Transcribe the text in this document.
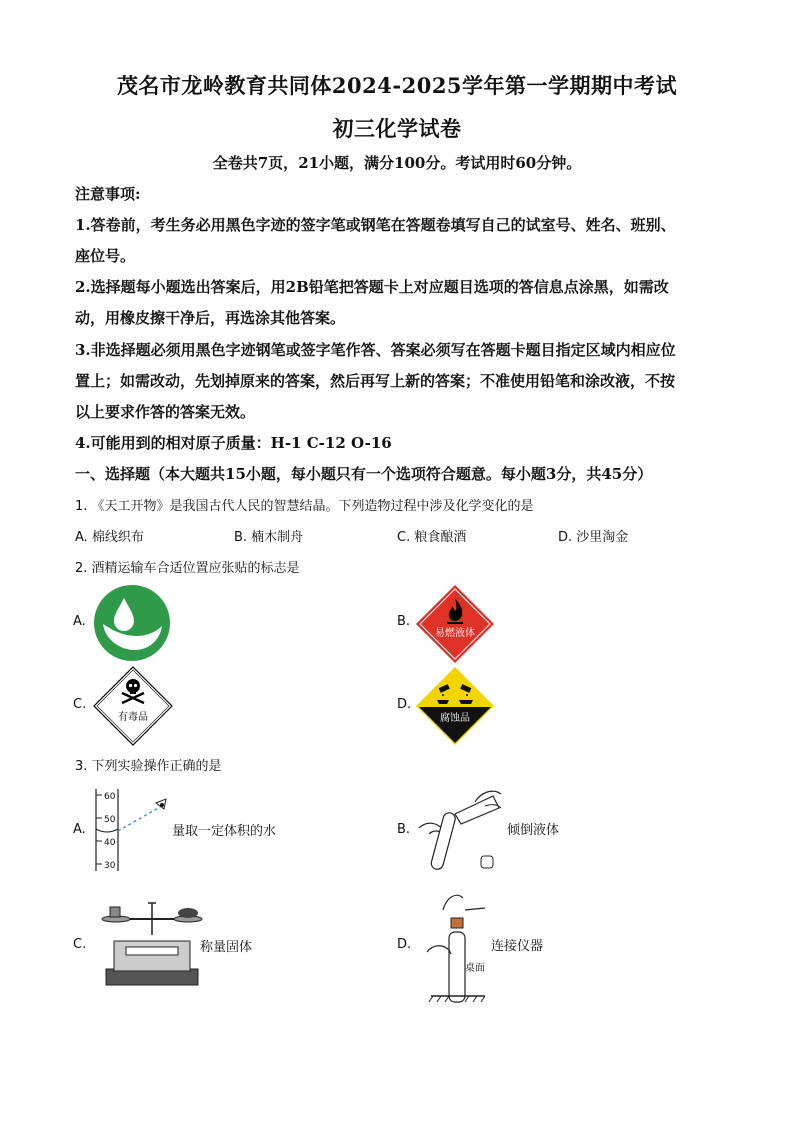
茂名市龙岭教育共同体2024-2025学年第一学期期中考试
初三化学试卷
全卷共7页，21小题，满分100分。考试用时60分钟。
注意事项:
1.答卷前，考生务必用黑色字迹的签字笔或钢笔在答题卷填写自己的试室号、姓名、班别、
座位号。
2.选择题每小题选出答案后，用2B铅笔把答题卡上对应题目选项的答信息点涂黑，如需改
动，用橡皮擦干净后，再选涂其他答案。
3.非选择题必须用黑色字迹钢笔或签字笔作答、答案必须写在答题卡题目指定区域内相应位
置上；如需改动，先划掉原来的答案，然后再写上新的答案；不准使用铅笔和涂改液，不按
以上要求作答的答案无效。
4.可能用到的相对原子质量：H-1 C-12 O-16
一、选择题（本大题共15小题，每小题只有一个选项符合题意。每小题3分，共45分）
1. 《天工开物》是我国古代人民的智慧结晶。下列造物过程中涉及化学变化的是
A. 棉线织布	B. 楠木制舟	C. 粮食酿酒	D. 沙里淘金
2. 酒精运输车合适位置应张贴的标志是
A.	B.
C.	D.
易燃液体
有毒品	腐蚀品
3. 下列实验操作正确的是
A.	B.
C.	D.
60
50
40
30
量取一定体积的水	倾倒液体
称量固体
桌面
连接仪器
